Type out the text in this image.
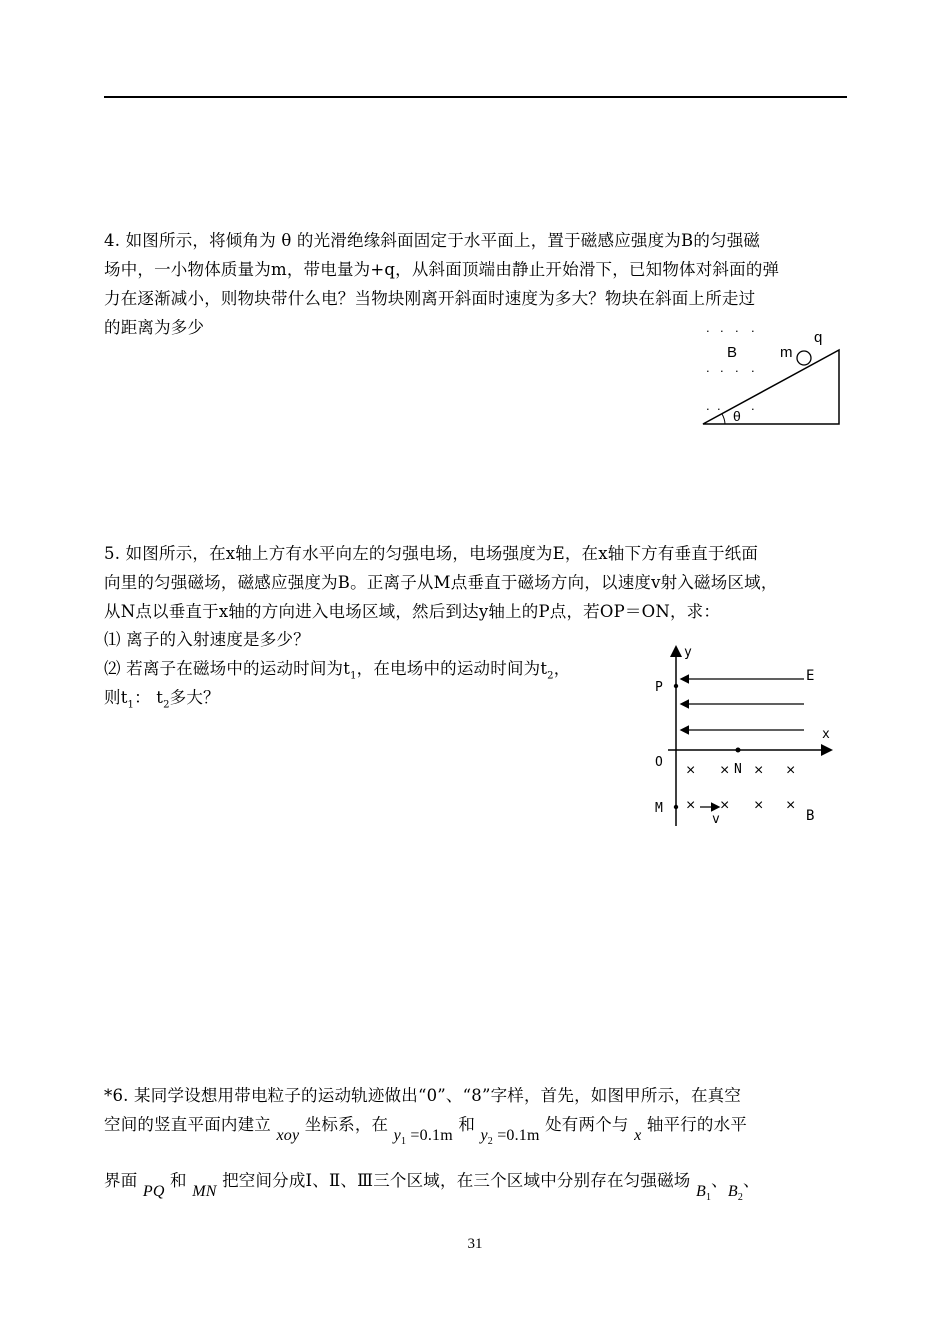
4. 如图所示，将倾角为 θ 的光滑绝缘斜面固定于水平面上，置于磁感应强度为B的匀强磁
场中，一小物体质量为m，带电量为+q，从斜面顶端由静止开始滑下，已知物体对斜面的弹
力在逐渐减小，则物块带什么电？当物块刚离开斜面时速度为多大？物块在斜面上所走过
的距离为多少
B	m
q
θ
. . . .
. . . .
. . .
5. 如图所示，在x轴上方有水平向左的匀强电场，电场强度为E，在x轴下方有垂直于纸面
向里的匀强磁场，磁感应强度为B。正离子从M点垂直于磁场方向，以速度v射入磁场区域，
从N点以垂直于x轴的方向进入电场区域，然后到达y轴上的P点，若OP＝ON，求：
⑴ 离子的入射速度是多少？
⑵ 若离子在磁场中的运动时间为$t_1$，在电场中的运动时间为$t_2$，
则$t_1$： $t_2$多大？
y
x
O
P
M
N
E
B
v
× × × ×
× × × ×
*6. 某同学设想用带电粒子的运动轨迹做出“0”、“8”字样，首先，如图甲所示，在真空
空间的竖直平面内建立 xoy 坐标系，在 $y_1 =0.1m$ 和 $y_2 =0.1m$ 处有两个与 x 轴平行的水平
界面 PQ 和 MN 把空间分成Ⅰ、Ⅱ、Ⅲ三个区域，在三个区域中分别存在匀强磁场 $B_1$、$B_2$、
31
